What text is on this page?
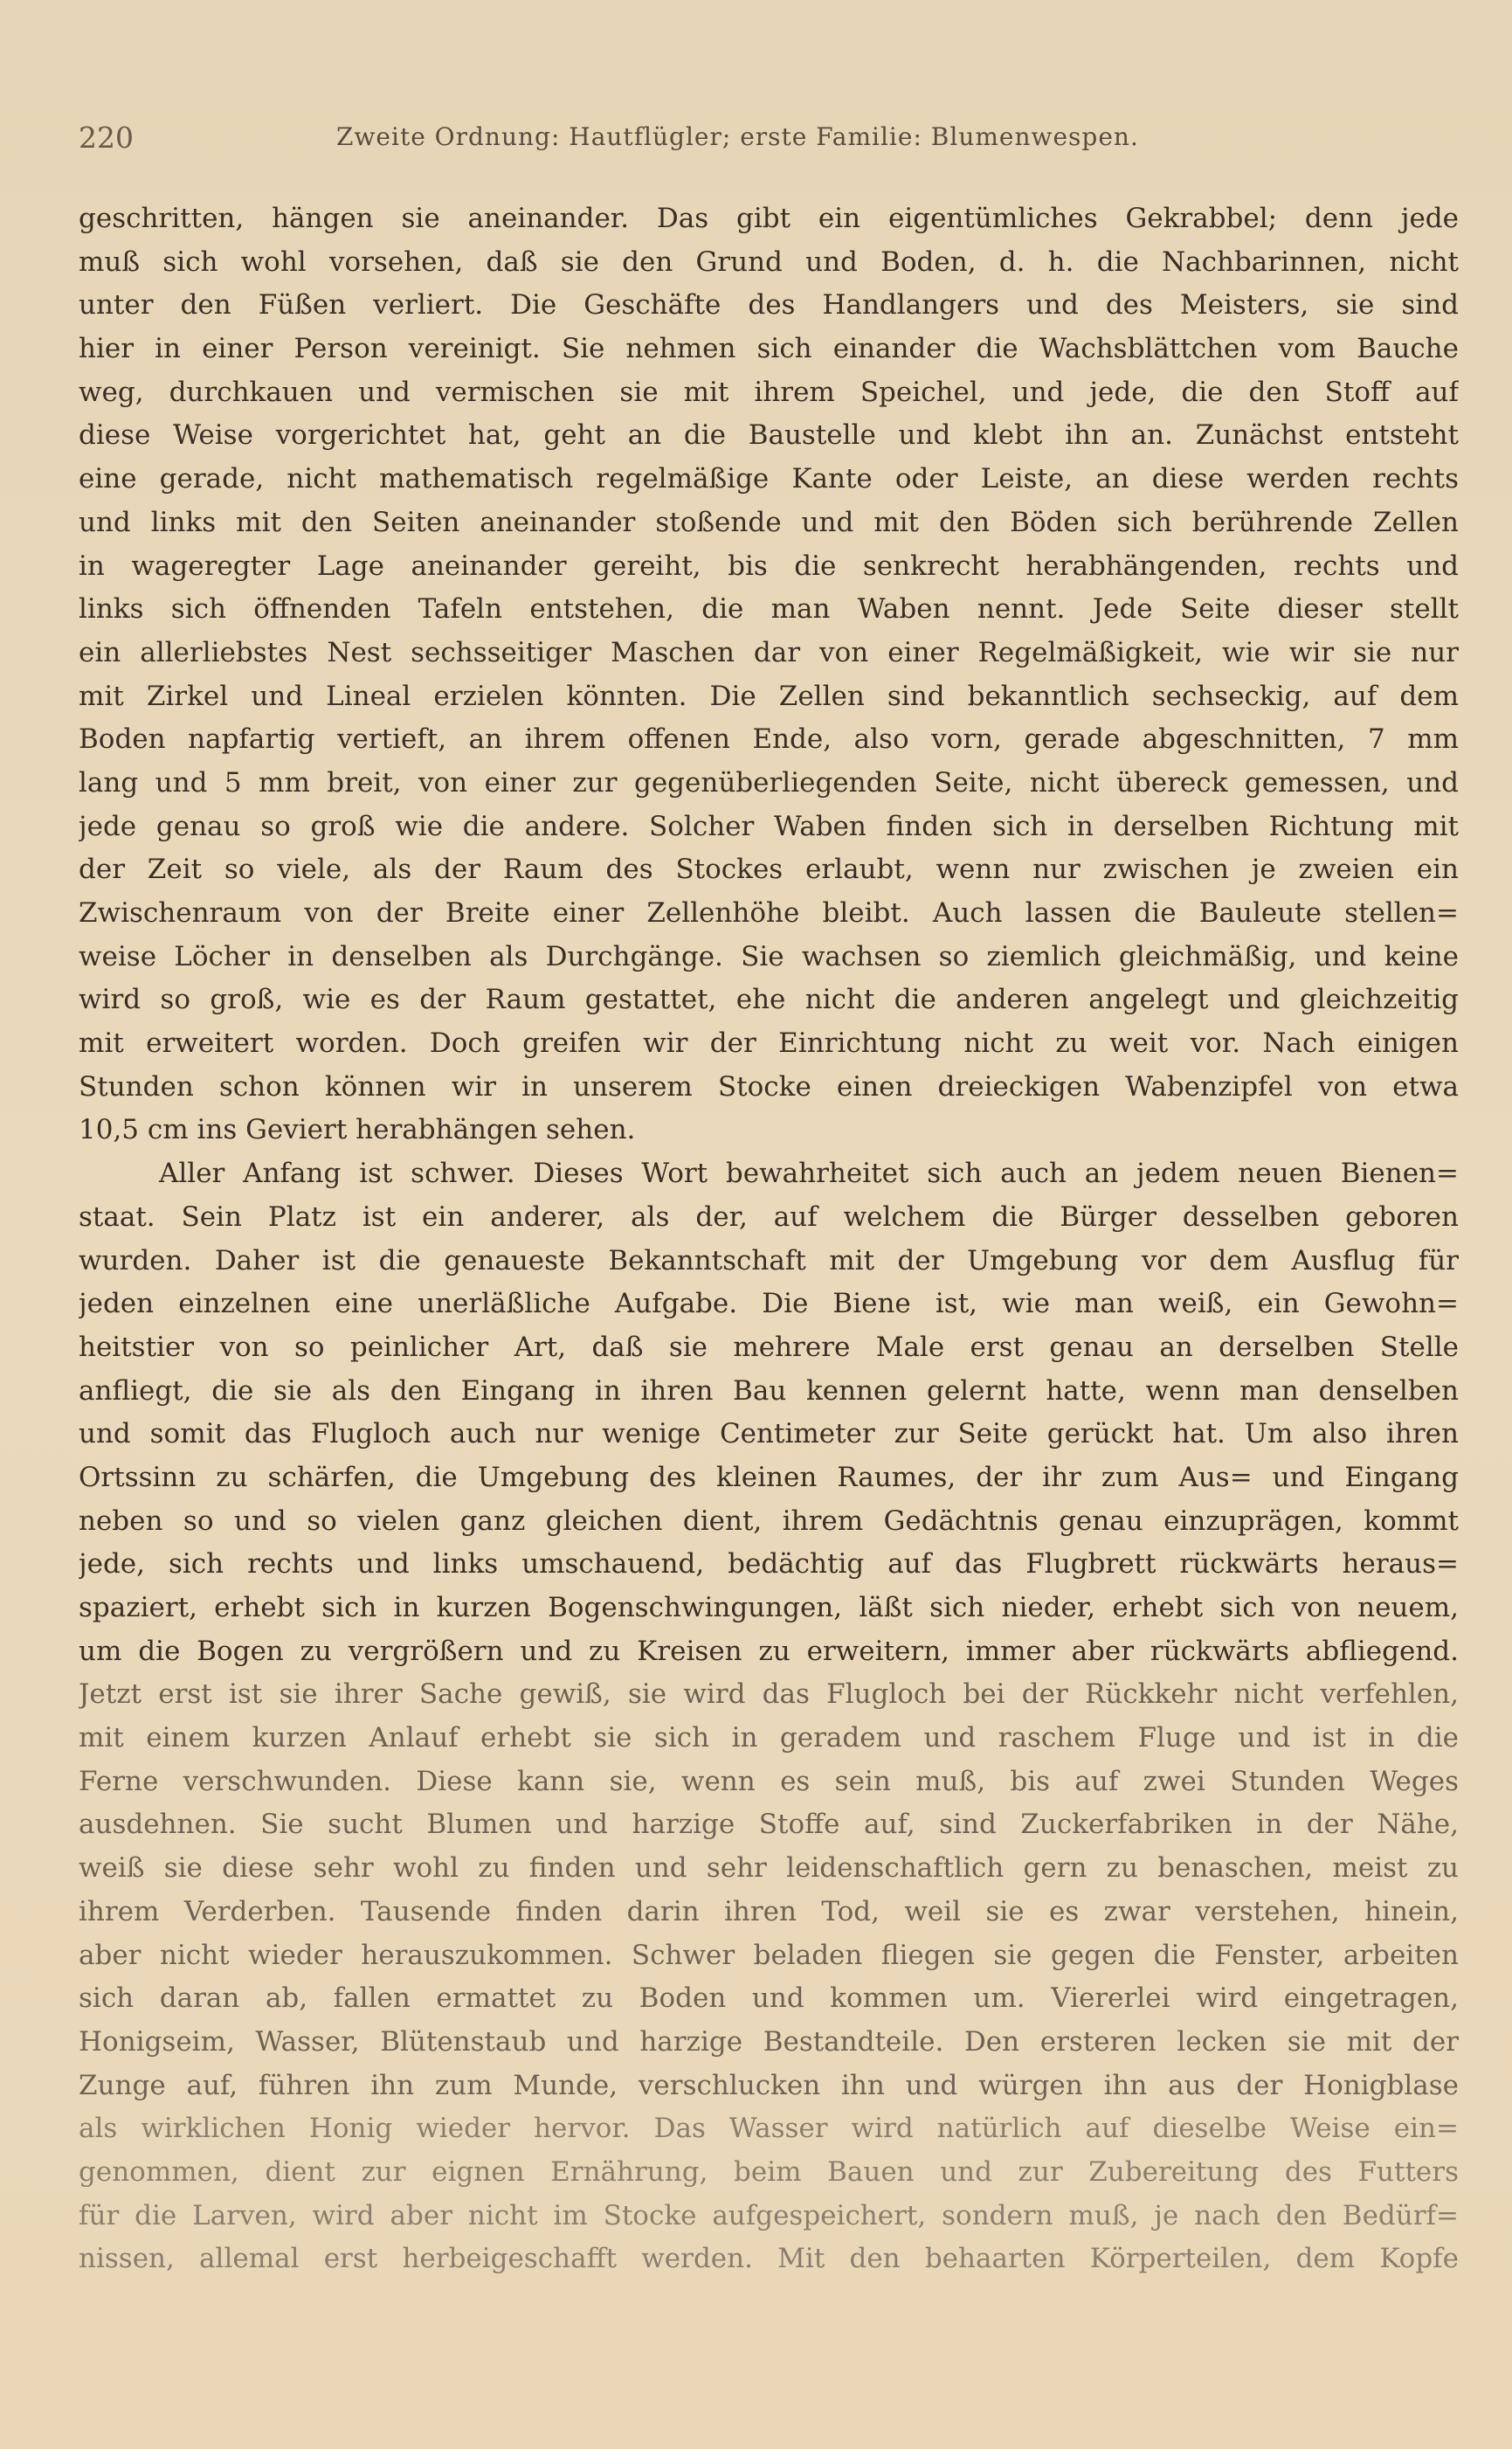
220	Zweite Ordnung: Hautflügler; erste Familie: Blumenwespen.
geschritten, hängen sie aneinander. Das gibt ein eigentümliches Gekrabbel; denn jede
muß sich wohl vorsehen, daß sie den Grund und Boden, d. h. die Nachbarinnen, nicht
unter den Füßen verliert. Die Geschäfte des Handlangers und des Meisters, sie sind
hier in einer Person vereinigt. Sie nehmen sich einander die Wachsblättchen vom Bauche
weg, durchkauen und vermischen sie mit ihrem Speichel, und jede, die den Stoff auf
diese Weise vorgerichtet hat, geht an die Baustelle und klebt ihn an. Zunächst entsteht
eine gerade, nicht mathematisch regelmäßige Kante oder Leiste, an diese werden rechts
und links mit den Seiten aneinander stoßende und mit den Böden sich berührende Zellen
in wageregter Lage aneinander gereiht, bis die senkrecht herabhängenden, rechts und
links sich öffnenden Tafeln entstehen, die man Waben nennt. Jede Seite dieser stellt
ein allerliebstes Nest sechsseitiger Maschen dar von einer Regelmäßigkeit, wie wir sie nur
mit Zirkel und Lineal erzielen könnten. Die Zellen sind bekanntlich sechseckig, auf dem
Boden napfartig vertieft, an ihrem offenen Ende, also vorn, gerade abgeschnitten, 7 mm
lang und 5 mm breit, von einer zur gegenüberliegenden Seite, nicht übereck gemessen, und
jede genau so groß wie die andere. Solcher Waben finden sich in derselben Richtung mit
der Zeit so viele, als der Raum des Stockes erlaubt, wenn nur zwischen je zweien ein
Zwischenraum von der Breite einer Zellenhöhe bleibt. Auch lassen die Bauleute stellen=
weise Löcher in denselben als Durchgänge. Sie wachsen so ziemlich gleichmäßig, und keine
wird so groß, wie es der Raum gestattet, ehe nicht die anderen angelegt und gleichzeitig
mit erweitert worden. Doch greifen wir der Einrichtung nicht zu weit vor. Nach einigen
Stunden schon können wir in unserem Stocke einen dreieckigen Wabenzipfel von etwa
10,5 cm ins Geviert herabhängen sehen.
Aller Anfang ist schwer. Dieses Wort bewahrheitet sich auch an jedem neuen Bienen=
staat. Sein Platz ist ein anderer, als der, auf welchem die Bürger desselben geboren
wurden. Daher ist die genaueste Bekanntschaft mit der Umgebung vor dem Ausflug für
jeden einzelnen eine unerläßliche Aufgabe. Die Biene ist, wie man weiß, ein Gewohn=
heitstier von so peinlicher Art, daß sie mehrere Male erst genau an derselben Stelle
anfliegt, die sie als den Eingang in ihren Bau kennen gelernt hatte, wenn man denselben
und somit das Flugloch auch nur wenige Centimeter zur Seite gerückt hat. Um also ihren
Ortssinn zu schärfen, die Umgebung des kleinen Raumes, der ihr zum Aus= und Eingang
neben so und so vielen ganz gleichen dient, ihrem Gedächtnis genau einzuprägen, kommt
jede, sich rechts und links umschauend, bedächtig auf das Flugbrett rückwärts heraus=
spaziert, erhebt sich in kurzen Bogenschwingungen, läßt sich nieder, erhebt sich von neuem,
um die Bogen zu vergrößern und zu Kreisen zu erweitern, immer aber rückwärts abfliegend.
Jetzt erst ist sie ihrer Sache gewiß, sie wird das Flugloch bei der Rückkehr nicht verfehlen,
mit einem kurzen Anlauf erhebt sie sich in geradem und raschem Fluge und ist in die
Ferne verschwunden. Diese kann sie, wenn es sein muß, bis auf zwei Stunden Weges
ausdehnen. Sie sucht Blumen und harzige Stoffe auf, sind Zuckerfabriken in der Nähe,
weiß sie diese sehr wohl zu finden und sehr leidenschaftlich gern zu benaschen, meist zu
ihrem Verderben. Tausende finden darin ihren Tod, weil sie es zwar verstehen, hinein,
aber nicht wieder herauszukommen. Schwer beladen fliegen sie gegen die Fenster, arbeiten
sich daran ab, fallen ermattet zu Boden und kommen um. Viererlei wird eingetragen,
Honigseim, Wasser, Blütenstaub und harzige Bestandteile. Den ersteren lecken sie mit der
Zunge auf, führen ihn zum Munde, verschlucken ihn und würgen ihn aus der Honigblase
als wirklichen Honig wieder hervor. Das Wasser wird natürlich auf dieselbe Weise ein=
genommen, dient zur eignen Ernährung, beim Bauen und zur Zubereitung des Futters
für die Larven, wird aber nicht im Stocke aufgespeichert, sondern muß, je nach den Bedürf=
nissen, allemal erst herbeigeschafft werden. Mit den behaarten Körperteilen, dem Kopfe
